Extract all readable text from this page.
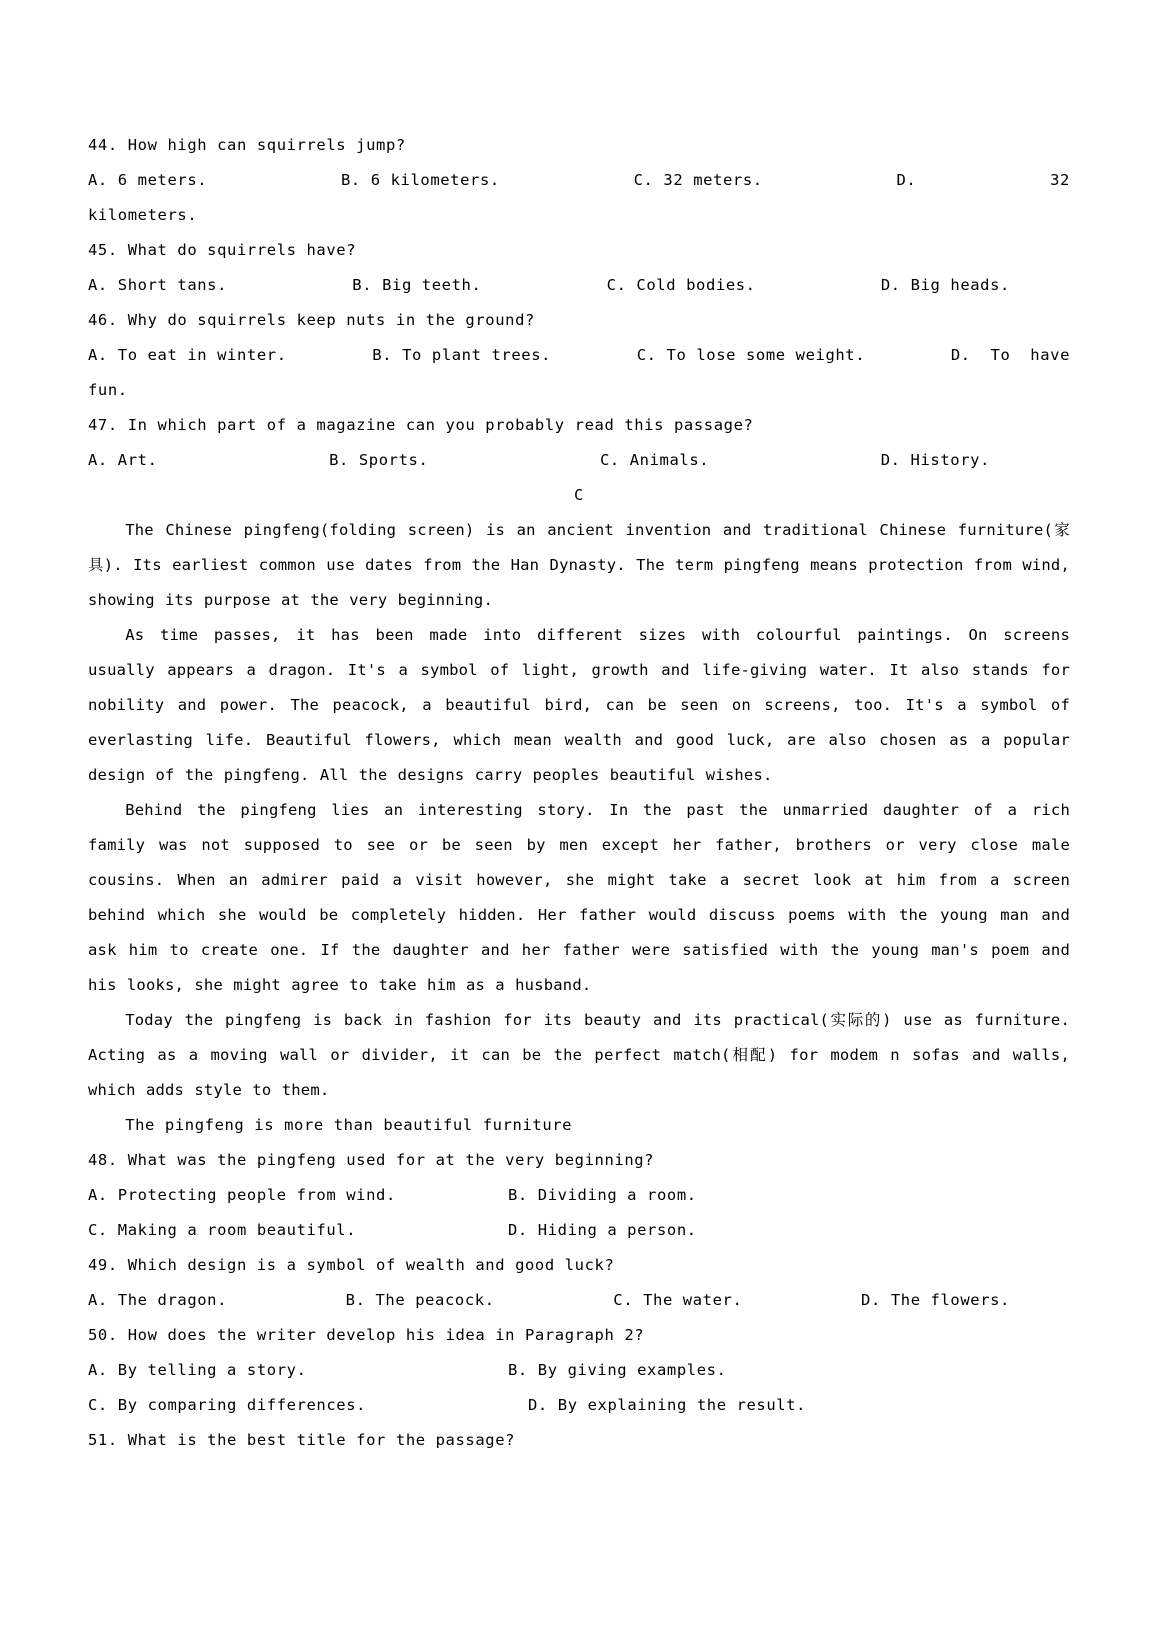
44. How high can squirrels jump?
A. 6 meters.	B. 6 kilometers.	C. 32 meters.	D.	32
kilometers.
45. What do squirrels have?
A. Short tans.	B. Big teeth.	C. Cold bodies.	D. Big heads.
46. Why do squirrels keep nuts in the ground?
A. To eat in winter.	B. To plant trees.	C. To lose some weight.	D.  To  have
fun.
47. In which part of a magazine can you probably read this passage?
A. Art.	B. Sports.	C. Animals.	D. History.
C

The Chinese pingfeng(folding screen) is an ancient invention and traditional Chinese furniture(家具). Its earliest common use dates from the Han Dynasty. The term pingfeng means protection from wind, showing its purpose at the very beginning.

As time passes, it has been made into different sizes with colourful paintings. On screens usually appears a dragon. It's a symbol of light, growth and life-giving water. It also stands for nobility and power. The peacock, a beautiful bird, can be seen on screens, too. It's a symbol of everlasting life. Beautiful flowers, which mean wealth and good luck, are also chosen as a popular design of the pingfeng. All the designs carry peoples beautiful wishes.

Behind the pingfeng lies an interesting story. In the past the unmarried daughter of a rich family was not supposed to see or be seen by men except her father, brothers or very close male cousins. When an admirer paid a visit however, she might take a secret look at him from a screen behind which she would be completely hidden. Her father would discuss poems with the young man and ask him to create one. If the daughter and her father were satisfied with the young man's poem and his looks, she might agree to take him as a husband.

Today the pingfeng is back in fashion for its beauty and its practical(实际的) use as furniture. Acting as a moving wall or divider, it can be the perfect match(相配) for modem n sofas and walls, which adds style to them.

The pingfeng is more than beautiful furniture

48. What was the pingfeng used for at the very beginning?
A. Protecting people from wind.	B. Dividing a room.
C. Making a room beautiful.	D. Hiding a person.
49. Which design is a symbol of wealth and good luck?
A. The dragon.	B. The peacock.	C. The water.	D. The flowers.
50. How does the writer develop his idea in Paragraph 2?
A. By telling a story.	B. By giving examples.
C. By comparing differences.	D. By explaining the result.
51. What is the best title for the passage?
